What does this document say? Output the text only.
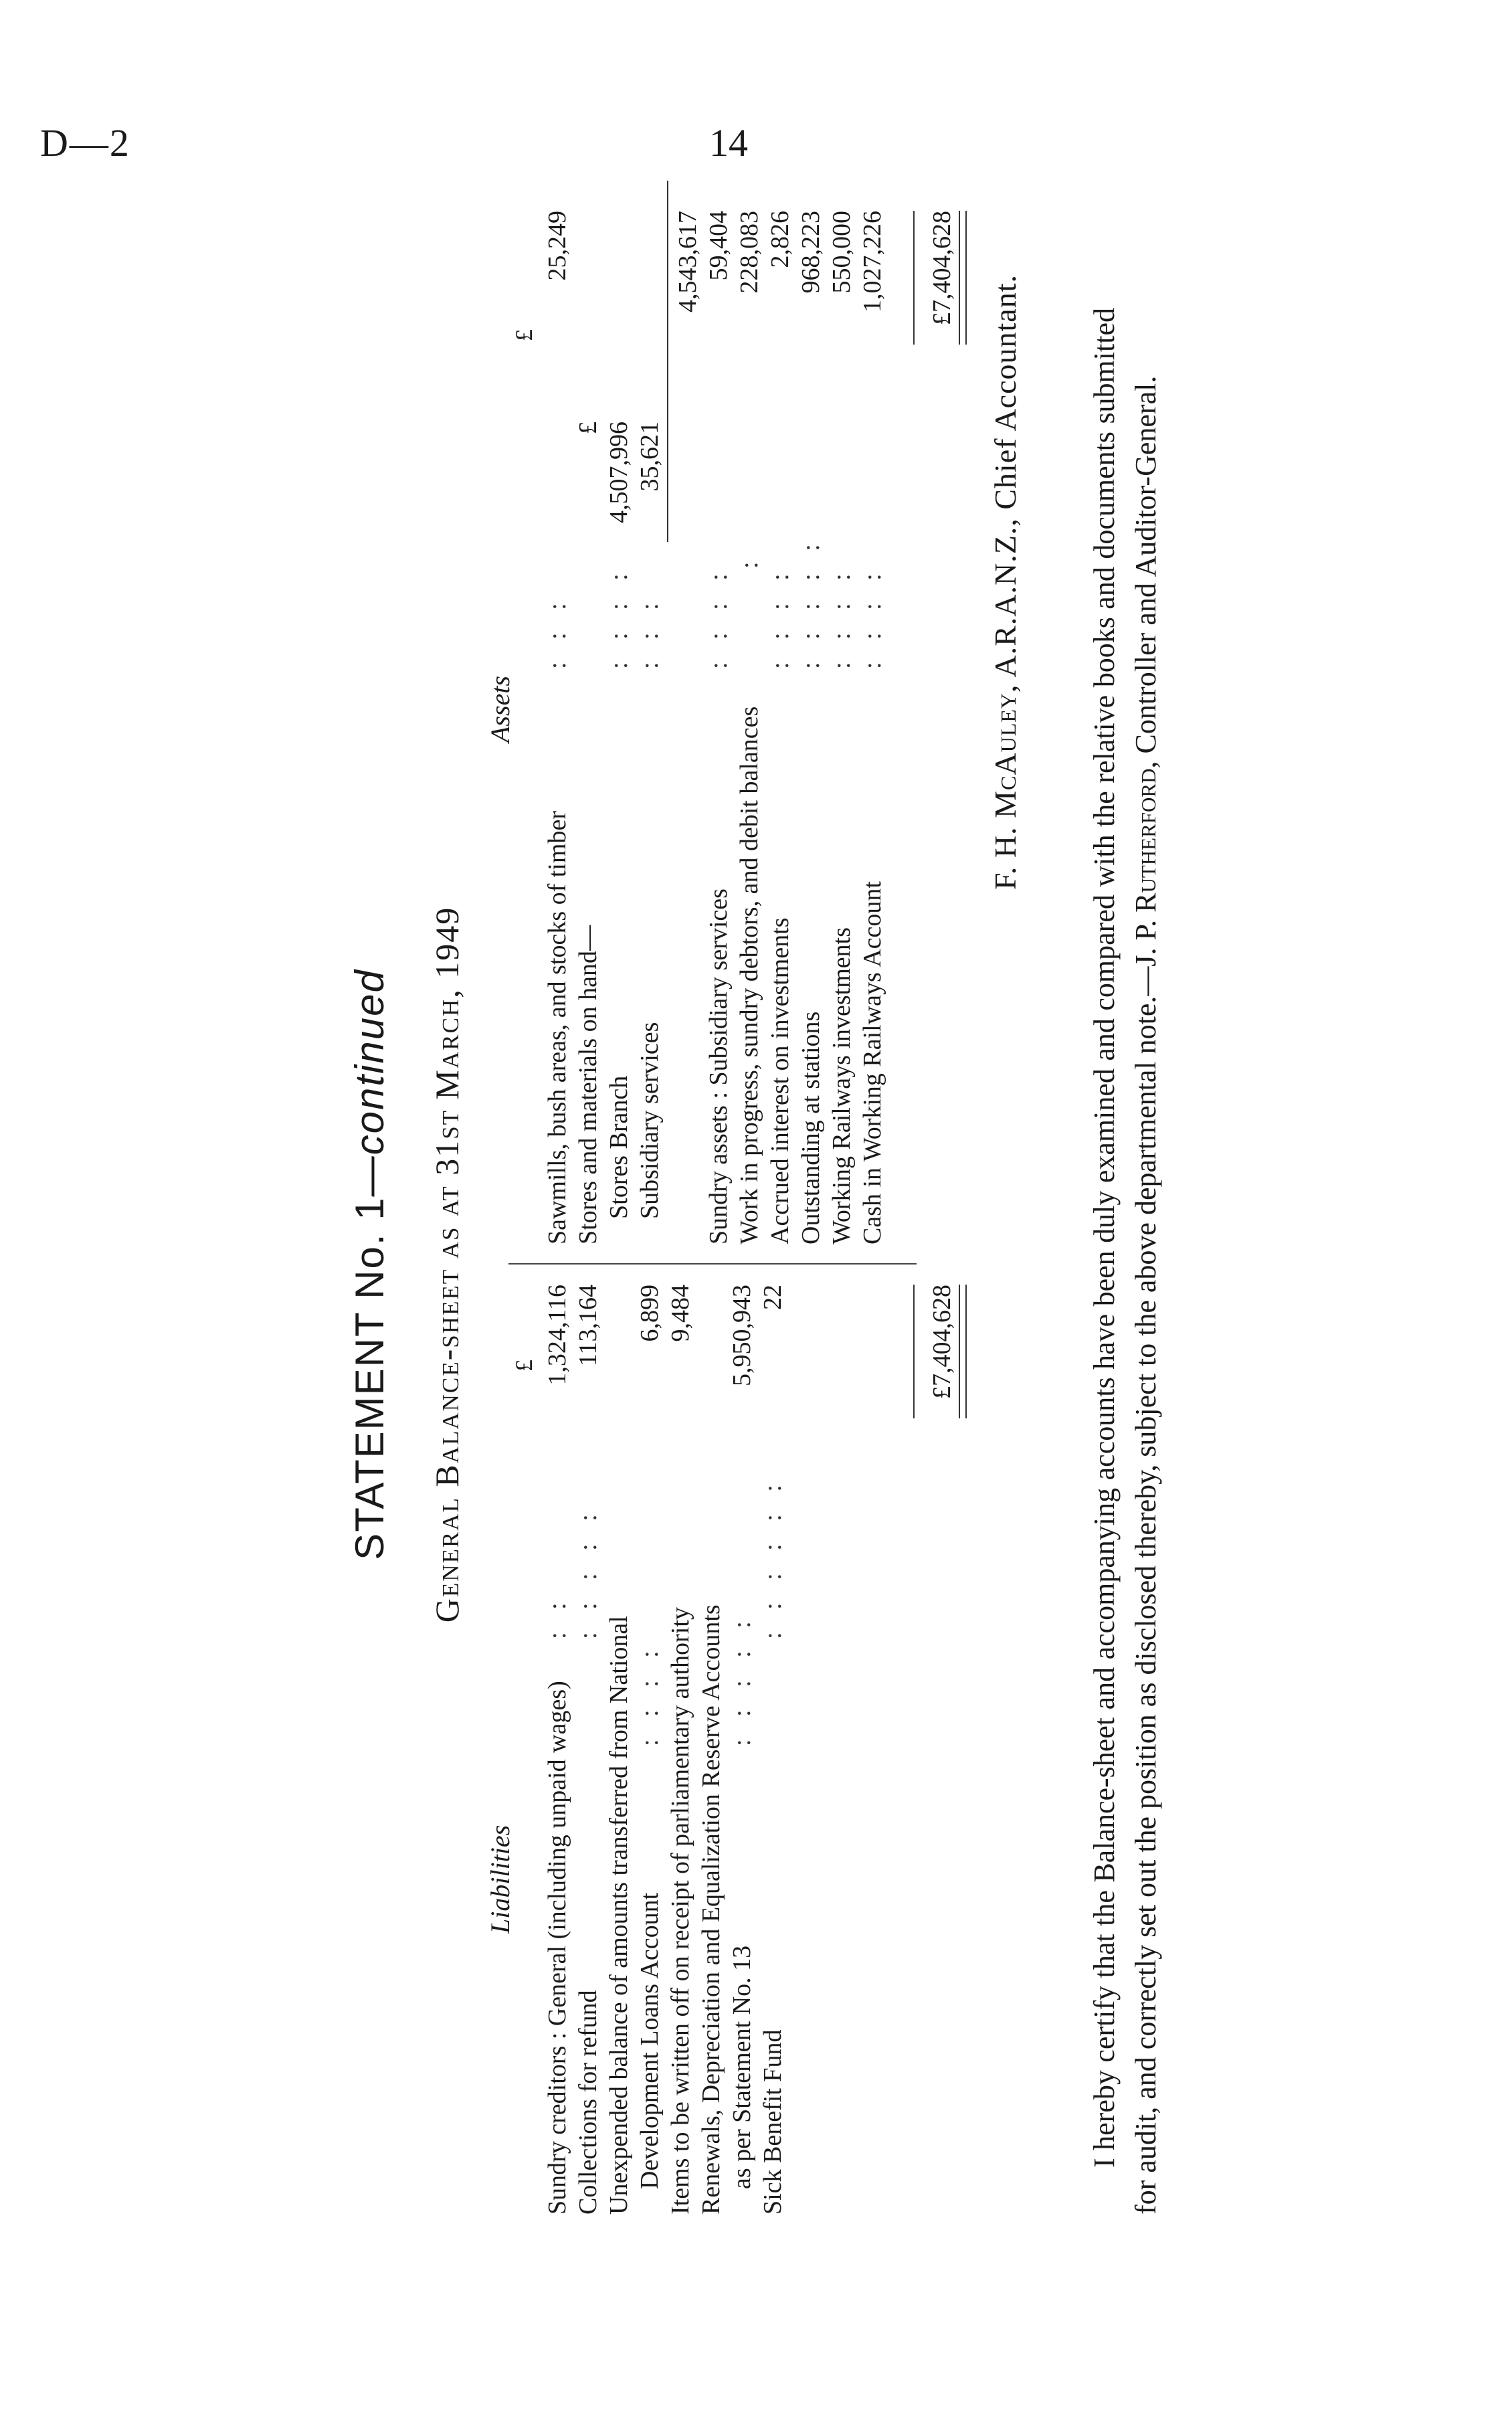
D—2	14
STATEMENT No. 1—continued General Balance-sheet as at 31st March, 1949
Liabilities
£
Assets
£
Sundry creditors : General (including unpaid wages)
: :
1,324,116
Collections for refund
: : : : :
113,164
Unexpended balance of amounts transferred from National Development Loans Account
: : : :
6,899
Items to be written off on receipt of parliamentary authority
9,484
Renewals, Depreciation and Equalization Reserve Accounts as per Statement No. 13
: : : : :
5,950,943
Sick Benefit Fund
: : : : : :
22
Sawmills, bush areas, and stocks of timber
: : :
25,249
Stores and materials on hand—
£
Stores Branch
: : : :
4,507,996
Subsidiary services
: : :
35,621
4,543,617
Sundry assets : Subsidiary services
: : : :
59,404
Work in progress, sundry debtors, and debit balances
:
228,083
Accrued interest on investments
: : : :
2,826
Outstanding at stations
: : : : :
968,223
Working Railways investments
: : : :
550,000
Cash in Working Railways Account
: : : :
1,027,226
£7,404,628
£7,404,628
F. H. McAuley, A.R.A.N.Z., Chief Accountant. I hereby certify that the Balance-sheet and accompanying accounts have been duly examined and compared with the relative books and documents submitted for audit, and correctly set out the position as disclosed thereby, subject to the above departmental note.—J. P. Rutherford, Controller and Auditor-General.
